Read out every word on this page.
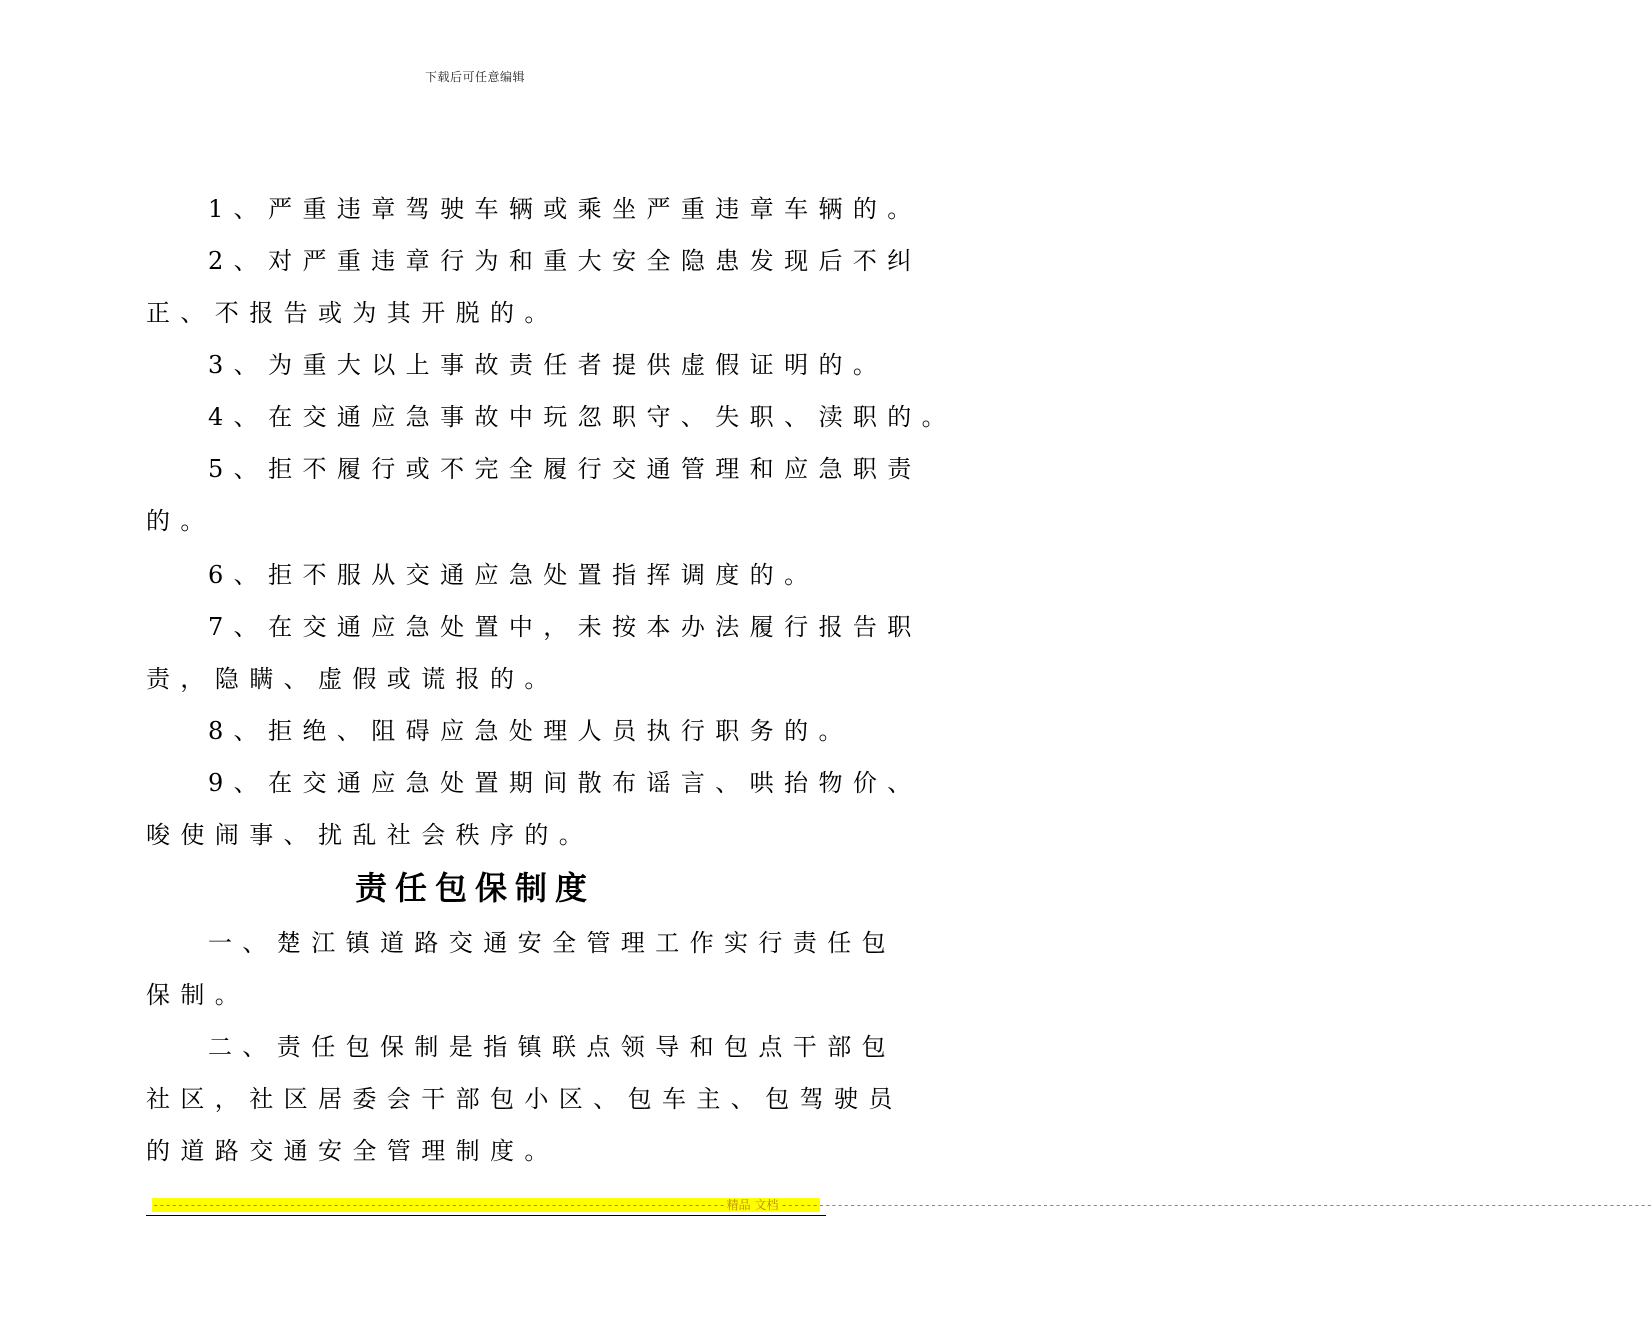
下载后可任意编辑
1、严重违章驾驶车辆或乘坐严重违章车辆的。
2、对严重违章行为和重大安全隐患发现后不纠
正、不报告或为其开脱的。
3、为重大以上事故责任者提供虚假证明的。
4、在交通应急事故中玩忽职守、失职、渎职的。
5、拒不履行或不完全履行交通管理和应急职责
的。
6、拒不服从交通应急处置指挥调度的。
7、在交通应急处置中，未按本办法履行报告职
责，隐瞒、虚假或谎报的。
8、拒绝、阻碍应急处理人员执行职务的。
9、在交通应急处置期间散布谣言、哄抬物价、
唆使闹事、扰乱社会秩序的。
责任包保制度
一、楚江镇道路交通安全管理工作实行责任包
保制。
二、责任包保制是指镇联点领导和包点干部包
社区，社区居委会干部包小区、包车主、包驾驶员
的道路交通安全管理制度。
-------------------------------------------------------------------------------------------- 精品 文档 --------------------------------------------------------------------------------------------------------------------------------------------
